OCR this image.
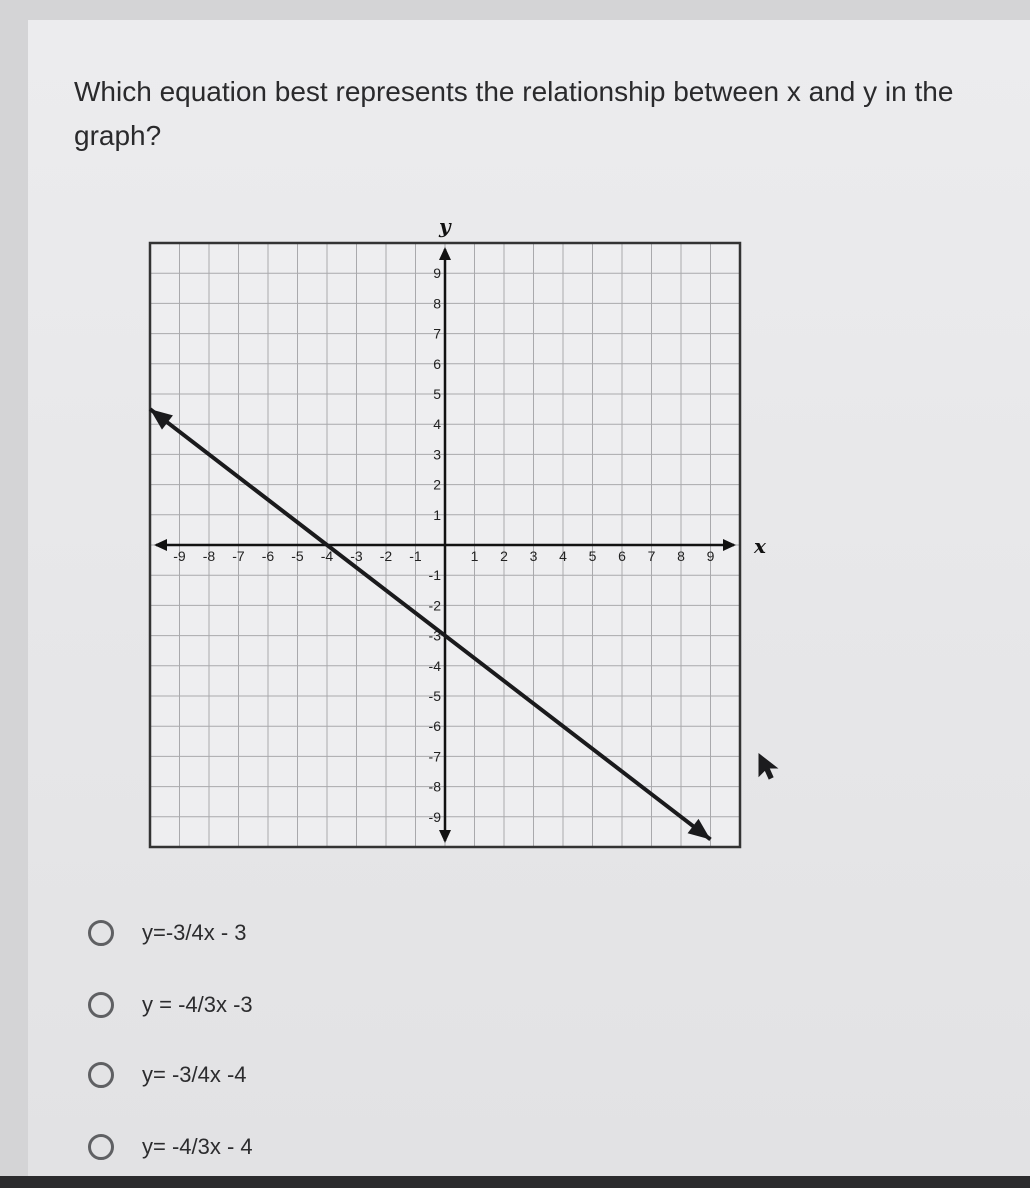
Which equation best represents the relationship between x and y in the graph?
x
y
-9 -8 -7 -6 -5 -4 -3 -2 -1	1 2 3 4 5 6 7 8 9
-9
-8
-7
-6
-5
-4
-3
-2
-1
1
2
3
4
5
6
7
8
9
y=-3/4x - 3
y = -4/3x -3
y= -3/4x -4
y= -4/3x - 4
